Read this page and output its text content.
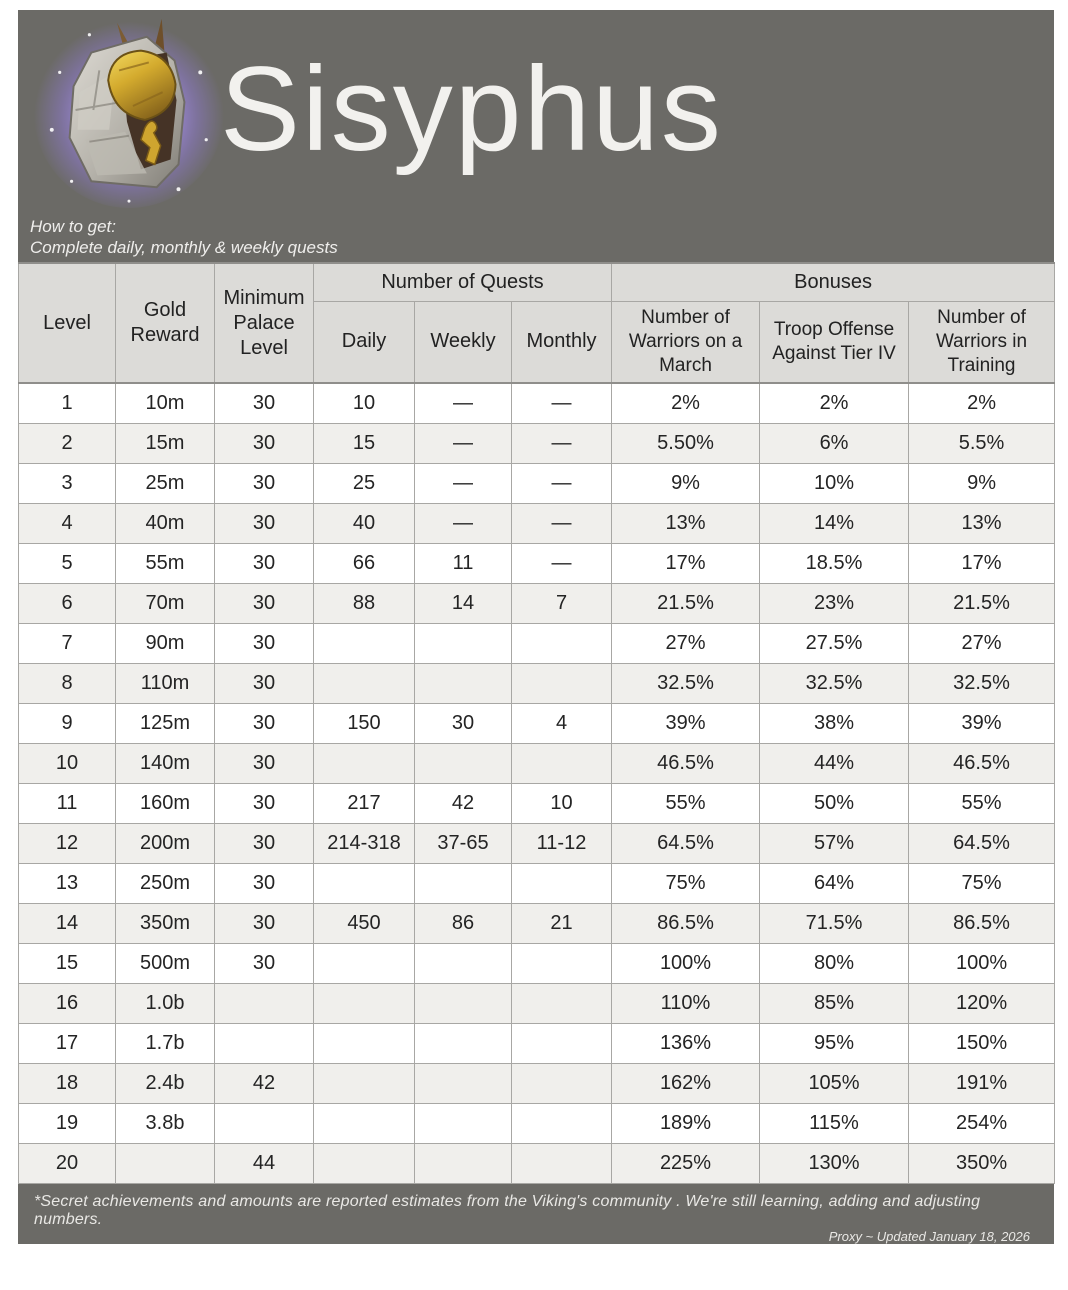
Sisyphus
How to get:
Complete daily, monthly & weekly quests
Level	Gold Reward	Minimum Palace Level	Number of Quests			Bonuses		
			Daily	Weekly	Monthly	Number of Warriors on a March	Troop Offense Against Tier IV	Number of Warriors in Training
1	10m	30	10	—	—	2%	2%	2%
2	15m	30	15	—	—	5.50%	6%	5.5%
3	25m	30	25	—	—	9%	10%	9%
4	40m	30	40	—	—	13%	14%	13%
5	55m	30	66	11	—	17%	18.5%	17%
6	70m	30	88	14	7	21.5%	23%	21.5%
7	90m	30				27%	27.5%	27%
8	110m	30				32.5%	32.5%	32.5%
9	125m	30	150	30	4	39%	38%	39%
10	140m	30				46.5%	44%	46.5%
11	160m	30	217	42	10	55%	50%	55%
12	200m	30	214-318	37-65	11-12	64.5%	57%	64.5%
13	250m	30				75%	64%	75%
14	350m	30	450	86	21	86.5%	71.5%	86.5%
15	500m	30				100%	80%	100%
16	1.0b					110%	85%	120%
17	1.7b					136%	95%	150%
18	2.4b	42				162%	105%	191%
19	3.8b					189%	115%	254%
20		44				225%	130%	350%
*Secret achievements and amounts are reported estimates from the Viking's community . We're still learning, adding and adjusting numbers.
Proxy ~ Updated January 18, 2026
